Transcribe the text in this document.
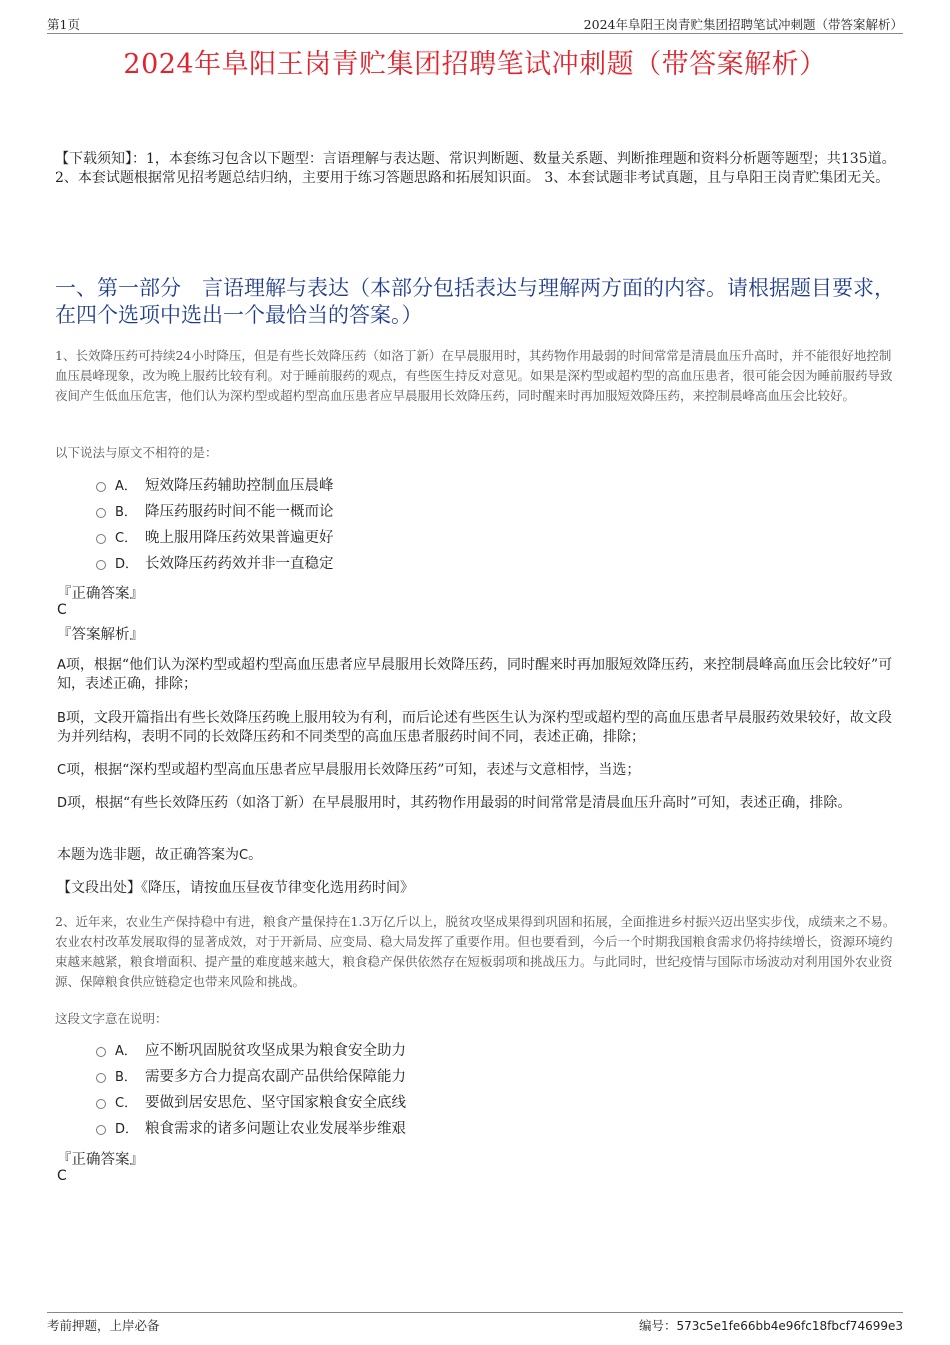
第1页	2024年阜阳王岗青贮集团招聘笔试冲刺题（带答案解析）
2024年阜阳王岗青贮集团招聘笔试冲刺题（带答案解析）
【下载须知】：1，本套练习包含以下题型：言语理解与表达题、常识判断题、数量关系题、判断推理题和资料分析题等题型；共135道。 2、本套试题根据常见招考题总结归纳，主要用于练习答题思路和拓展知识面。 3、本套试题非考试真题，且与阜阳王岗青贮集团无关。
一、第一部分　言语理解与表达（本部分包括表达与理解两方面的内容。请根据题目要求，在四个选项中选出一个最恰当的答案。）
1、长效降压药可持续24小时降压，但是有些长效降压药（如洛丁新）在早晨服用时，其药物作用最弱的时间常常是清晨血压升高时，并不能很好地控制血压晨峰现象，改为晚上服药比较有利。对于睡前服药的观点，有些医生持反对意见。如果是深杓型或超杓型的高血压患者，很可能会因为睡前服药导致夜间产生低血压危害，他们认为深杓型或超杓型高血压患者应早晨服用长效降压药，同时醒来时再加服短效降压药，来控制晨峰高血压会比较好。
以下说法与原文不相符的是：
A． 短效降压药辅助控制血压晨峰
B． 降压药服药时间不能一概而论
C． 晚上服用降压药效果普遍更好
D． 长效降压药药效并非一直稳定
『正确答案』
C
『答案解析』
A项，根据“他们认为深杓型或超杓型高血压患者应早晨服用长效降压药，同时醒来时再加服短效降压药，来控制晨峰高血压会比较好”可知，表述正确，排除；
B项，文段开篇指出有些长效降压药晚上服用较为有利，而后论述有些医生认为深杓型或超杓型的高血压患者早晨服药效果较好，故文段为并列结构，表明不同的长效降压药和不同类型的高血压患者服药时间不同，表述正确，排除；
C项，根据“深杓型或超杓型高血压患者应早晨服用长效降压药”可知，表述与文意相悖，当选；
D项，根据“有些长效降压药（如洛丁新）在早晨服用时，其药物作用最弱的时间常常是清晨血压升高时”可知，表述正确，排除。
本题为选非题，故正确答案为C。
【文段出处】《降压，请按血压昼夜节律变化选用药时间》
2、近年来，农业生产保持稳中有进，粮食产量保持在1.3万亿斤以上，脱贫攻坚成果得到巩固和拓展，全面推进乡村振兴迈出坚实步伐，成绩来之不易。农业农村改革发展取得的显著成效，对于开新局、应变局、稳大局发挥了重要作用。但也要看到，今后一个时期我国粮食需求仍将持续增长，资源环境约束越来越紧，粮食增面积、提产量的难度越来越大，粮食稳产保供依然存在短板弱项和挑战压力。与此同时，世纪疫情与国际市场波动对利用国外农业资源、保障粮食供应链稳定也带来风险和挑战。
这段文字意在说明：
A． 应不断巩固脱贫攻坚成果为粮食安全助力
B． 需要多方合力提高农副产品供给保障能力
C． 要做到居安思危、坚守国家粮食安全底线
D． 粮食需求的诸多问题让农业发展举步维艰
『正确答案』
C
考前押题，上岸必备	编号：573c5e1fe66bb4e96fc18fbcf74699e3
